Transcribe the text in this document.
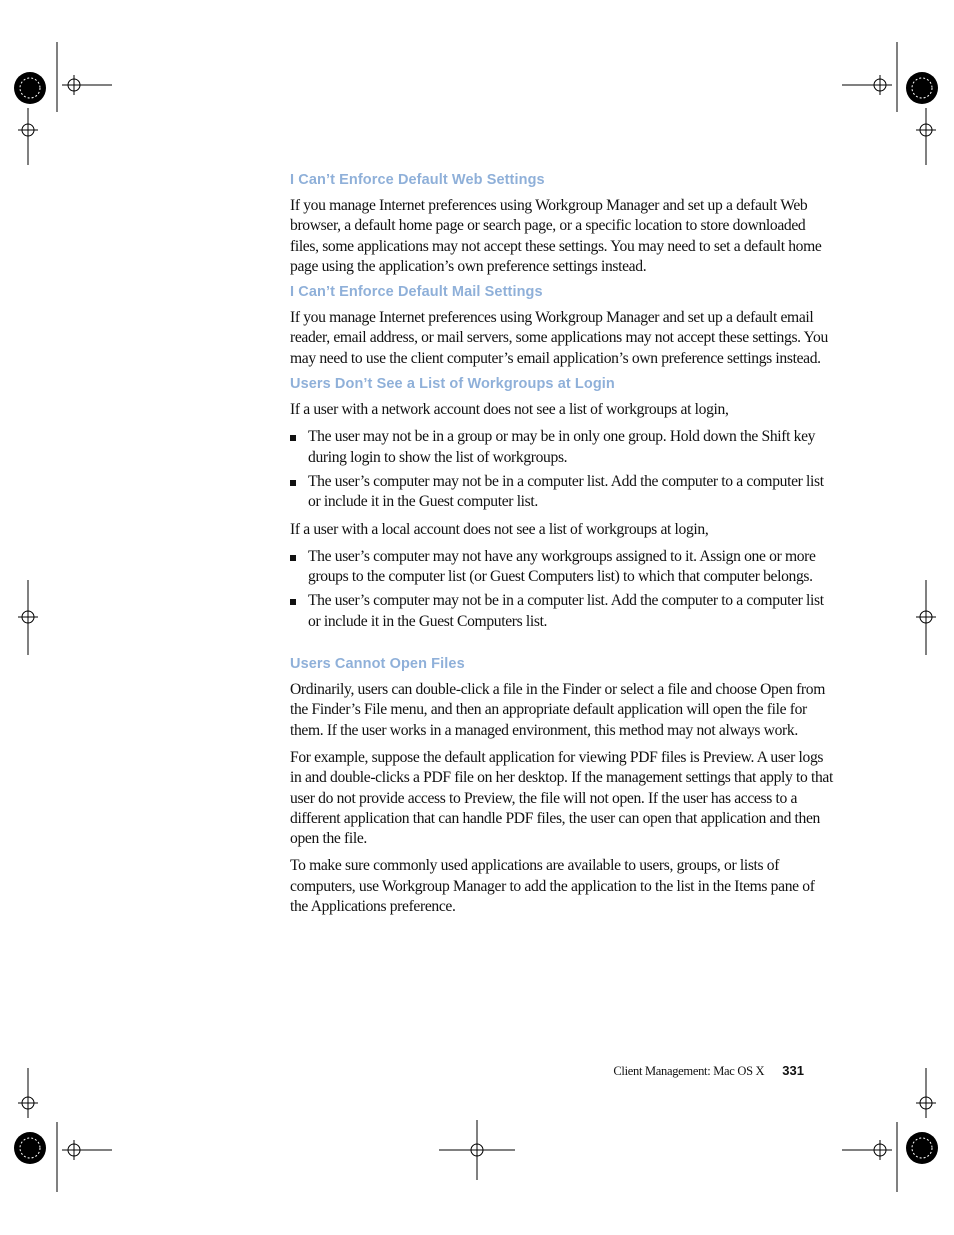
I Can’t Enforce Default Web Settings

If you manage Internet preferences using Workgroup Manager and set up a default Web browser, a default home page or search page, or a specific location to store downloaded files, some applications may not accept these settings. You may need to set a default home page using the application’s own preference settings instead.

I Can’t Enforce Default Mail Settings

If you manage Internet preferences using Workgroup Manager and set up a default email reader, email address, or mail servers, some applications may not accept these settings. You may need to use the client computer’s email application’s own preference settings instead.

Users Don’t See a List of Workgroups at Login

If a user with a network account does not see a list of workgroups at login,

The user may not be in a group or may be in only one group. Hold down the Shift key during login to show the list of workgroups.
The user’s computer may not be in a computer list. Add the computer to a computer list or include it in the Guest computer list.

If a user with a local account does not see a list of workgroups at login,

The user’s computer may not have any workgroups assigned to it. Assign one or more groups to the computer list (or Guest Computers list) to which that computer belongs.
The user’s computer may not be in a computer list. Add the computer to a computer list or include it in the Guest Computers list.
Users Cannot Open Files

Ordinarily, users can double-click a file in the Finder or select a file and choose Open from the Finder’s File menu, and then an appropriate default application will open the file for them. If the user works in a managed environment, this method may not always work.

For example, suppose the default application for viewing PDF files is Preview. A user logs in and double-clicks a PDF file on her desktop. If the management settings that apply to that user do not provide access to Preview, the file will not open. If the user has access to a different application that can handle PDF files, the user can open that application and then open the file.

To make sure commonly used applications are available to users, groups, or lists of computers, use Workgroup Manager to add the application to the list in the Items pane of the Applications preference.

Client Management: Mac OS X 331
